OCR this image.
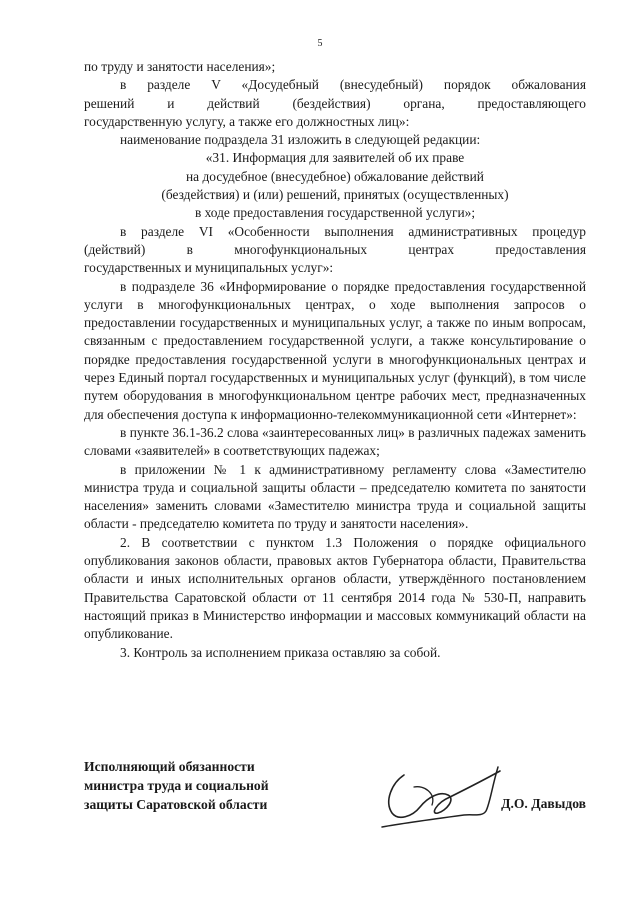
5

по труду и занятости населения»;

в разделе V «Досудебный (внесудебный) порядок обжалования

решений и действий (бездействия) органа, предоставляющего

государственную услугу, а также его должностных лиц»:

наименование подраздела 31 изложить в следующей редакции:

«31. Информация для заявителей об их праве

на досудебное (внесудебное) обжалование действий

(бездействия) и (или) решений, принятых (осуществленных)

в ходе предоставления государственной услуги»;

в разделе VI «Особенности выполнения административных процедур

(действий) в многофункциональных центрах предоставления

государственных и муниципальных услуг»:

в подразделе 36 «Информирование о порядке предоставления государственной услуги в многофункциональных центрах, о ходе выполнения запросов о предоставлении государственных и муниципальных услуг, а также по иным вопросам, связанным с предоставлением государственной услуги, а также консультирование о порядке предоставления государственной услуги в многофункциональных центрах и через Единый портал государственных и муниципальных услуг (функций), в том числе путем оборудования в многофункциональном центре рабочих мест, предназначенных для обеспечения доступа к информационно-телекоммуникационной сети «Интернет»:

в пункте 36.1-36.2 слова «заинтересованных лиц» в различных падежах заменить словами «заявителей» в соответствующих падежах;

в приложении № 1 к административному регламенту слова «Заместителю министра труда и социальной защиты области – председателю комитета по занятости населения» заменить словами «Заместителю министра труда и социальной защиты области - председателю комитета по труду и занятости населения».

2. В соответствии с пунктом 1.3 Положения о порядке официального опубликования законов области, правовых актов Губернатора области, Правительства области и иных исполнительных органов области, утверждённого постановлением Правительства Саратовской области от 11 сентября 2014 года № 530-П, направить настоящий приказ в Министерство информации и массовых коммуникаций области на опубликование.

3. Контроль за исполнением приказа оставляю за собой.

Исполняющий обязанности
министра труда и социальной
защиты Саратовской области	Д.О. Давыдов
